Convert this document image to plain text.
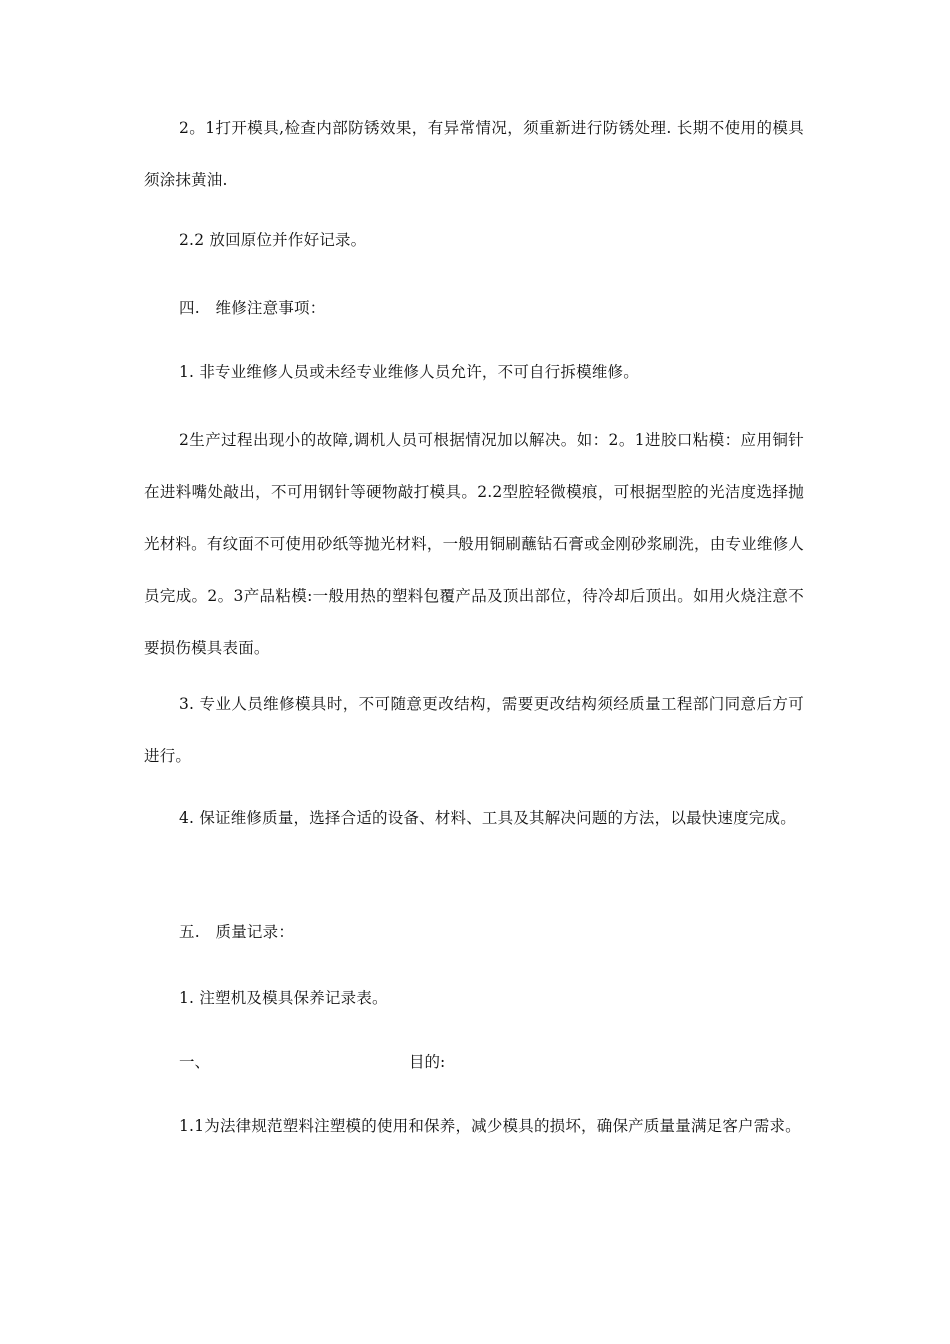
2。1打开模具,检查内部防锈效果，有异常情况，须重新进行防锈处理. 长期不使用的模具须涂抹黄油.

2.2 放回原位并作好记录。

四.　维修注意事项：

1. 非专业维修人员或未经专业维修人员允许，不可自行拆模维修。

2生产过程出现小的故障,调机人员可根据情况加以解决。如：2。1进胶口粘模：应用铜针在进料嘴处敲出，不可用钢针等硬物敲打模具。2.2型腔轻微模痕，可根据型腔的光洁度选择抛光材料。有纹面不可使用砂纸等抛光材料，一般用铜刷蘸钻石膏或金刚砂浆刷洗，由专业维修人员完成。2。3产品粘模:一般用热的塑料包覆产品及顶出部位，待冷却后顶出。如用火烧注意不要损伤模具表面。

3. 专业人员维修模具时，不可随意更改结构，需要更改结构须经质量工程部门同意后方可进行。

4. 保证维修质量，选择合适的设备、材料、工具及其解决问题的方法，以最快速度完成。

五.　质量记录：

1. 注塑机及模具保养记录表。

一、	目的:

1.1为法律规范塑料注塑模的使用和保养，减少模具的损坏，确保产质量量满足客户需求。
